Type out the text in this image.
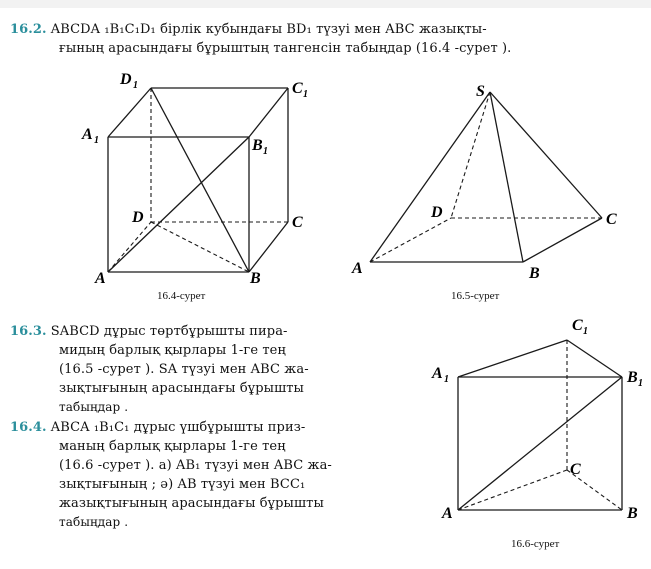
16.2. ABCDA ₁B₁C₁D₁ бірлік кубындағы BD₁ түзуі мен ABC жазықты-
ғының арасындағы бұрыштың тангенсін табыңдар (16.4 -сурет ).
D 1	C 1
A 1	B 1
D	C
A	B
S
D	C
A	B
C 1
A 1	B 1
C
A	B
16.4-сурет	16.5-сурет
16.6-сурет
16.3. SABCD дұрыс төртбұрышты пира-
мидың барлық қырлары 1-ге тең
(16.5 -сурет ). SA түзуі мен ABC жа-
зықтығының арасындағы бұрышты
табыңдар .
16.4. ABCA ₁B₁C₁ дұрыс үшбұрышты приз-
маның барлық қырлары 1-ге тең
(16.6 -сурет ). а) AB₁ түзуі мен ABC жа-
зықтығының ; ә) AB түзуі мен BCC₁
жазықтығының арасындағы бұрышты
табыңдар .
